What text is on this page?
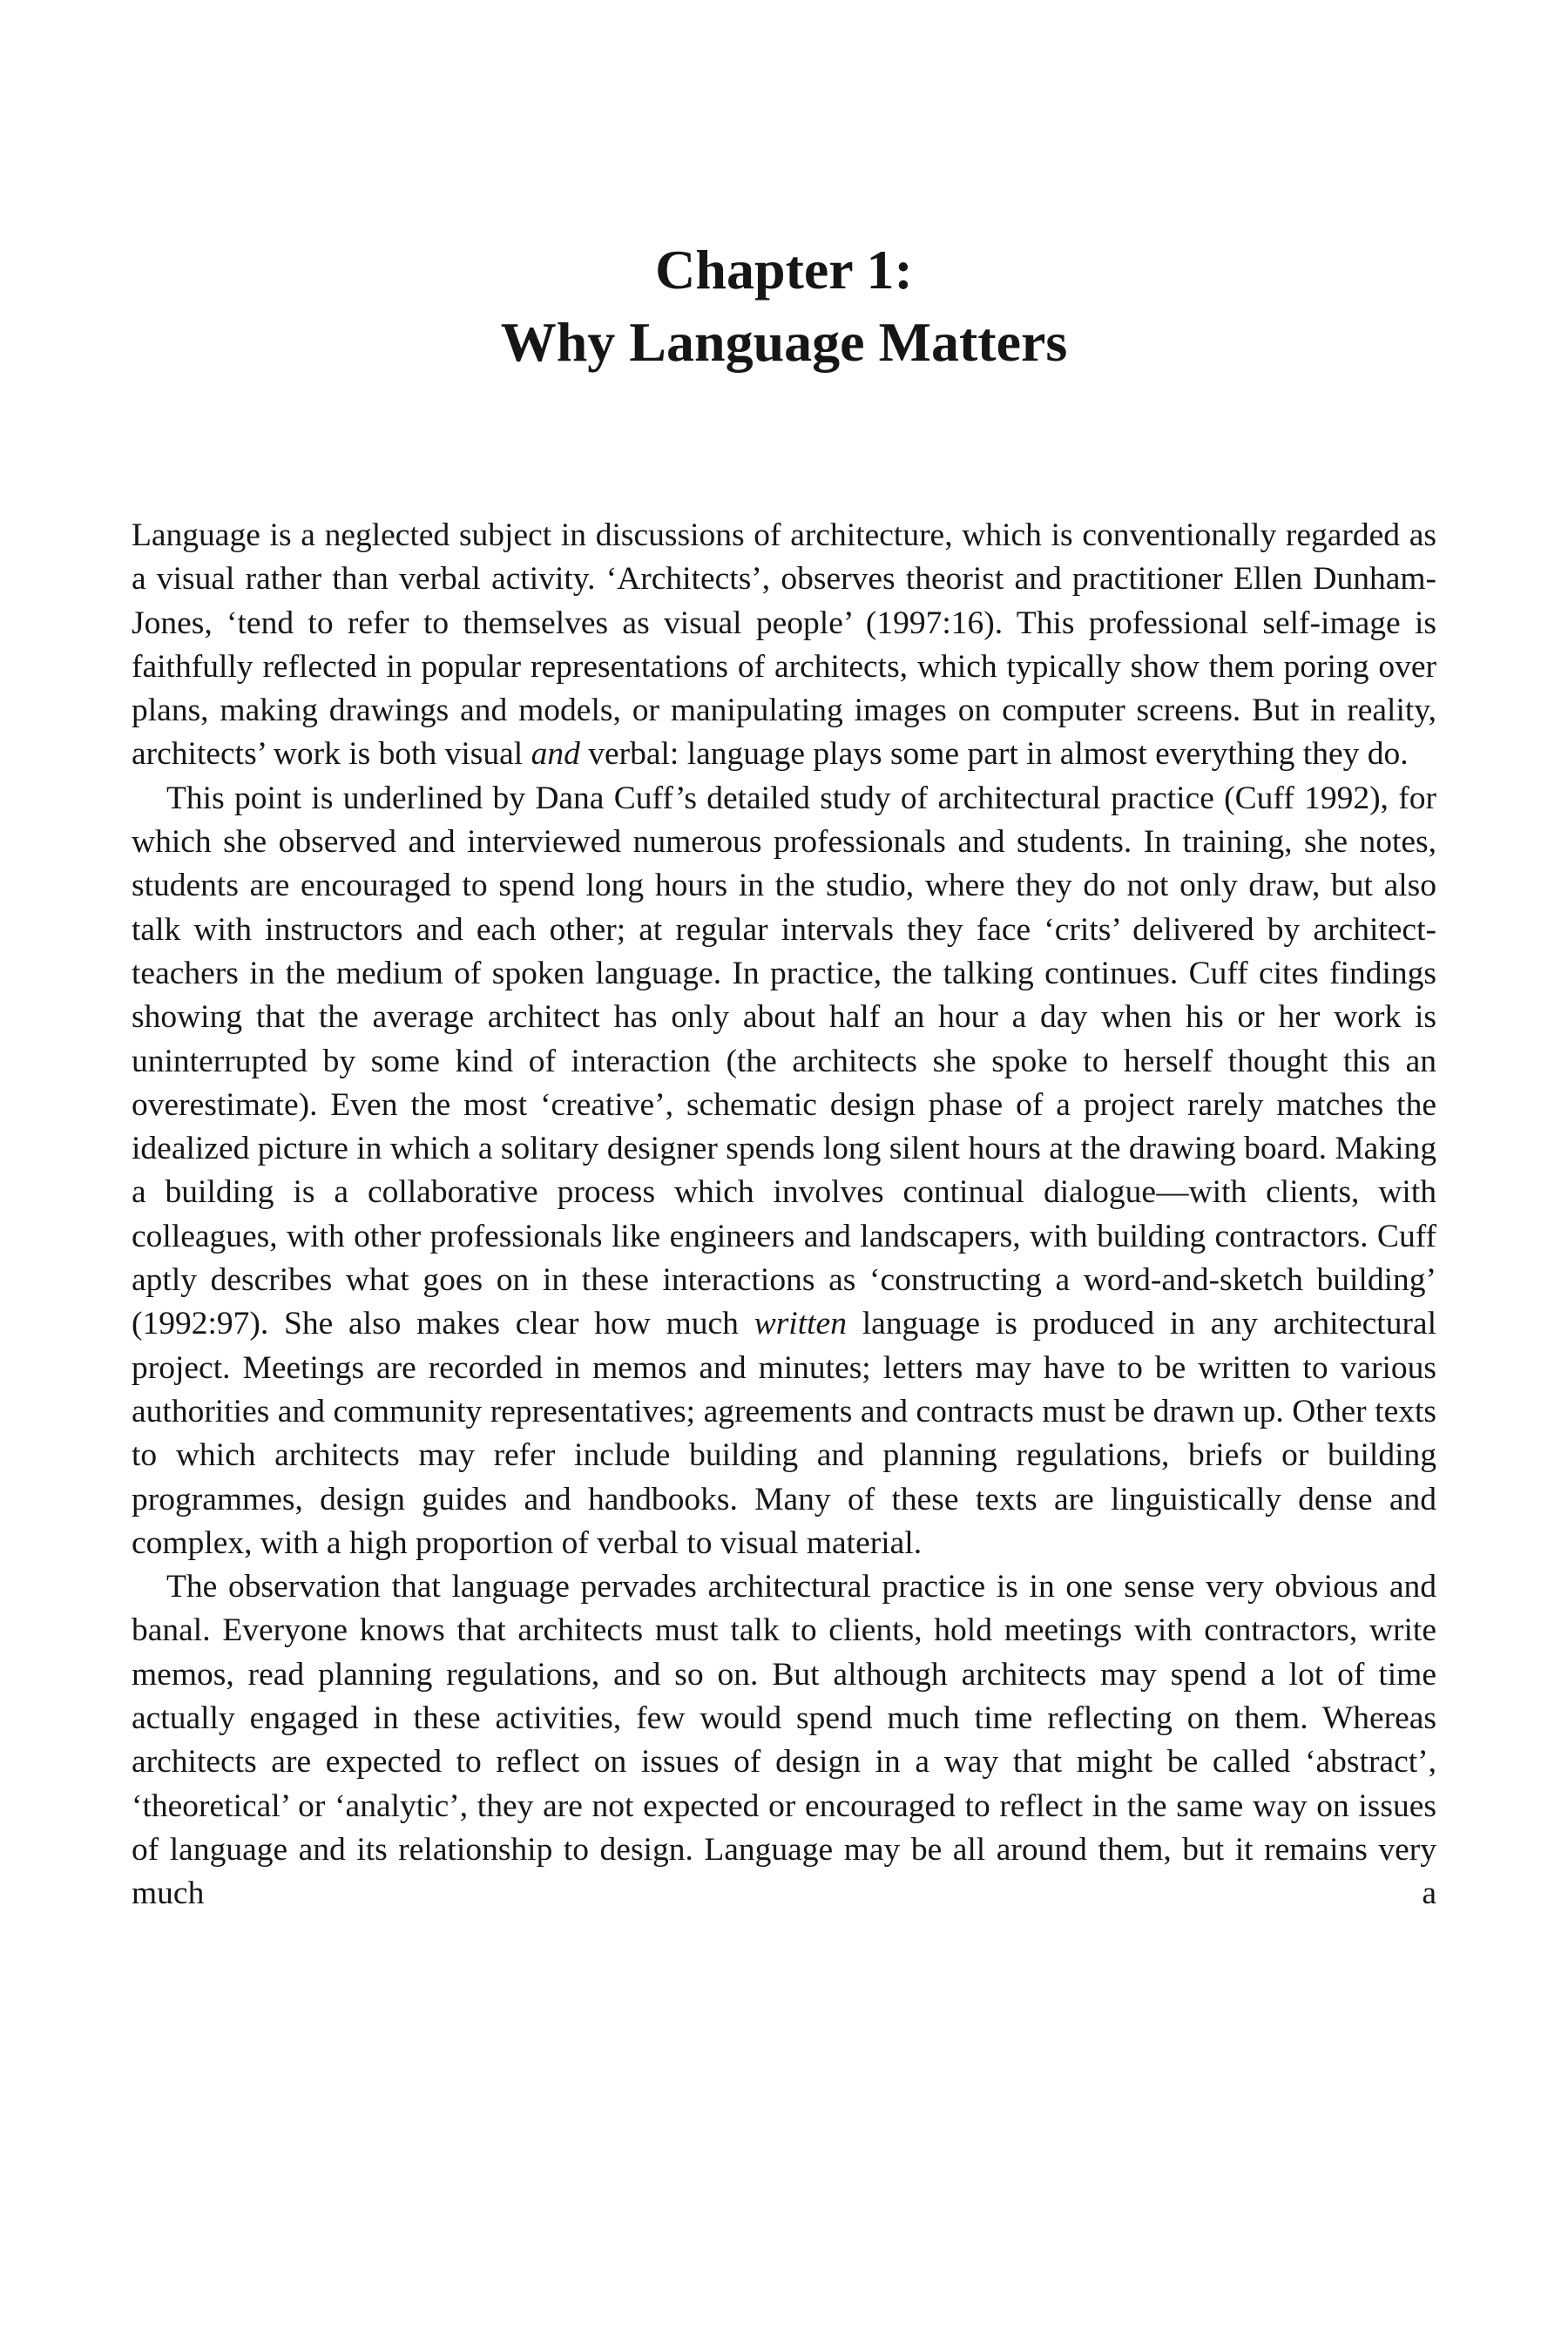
Chapter 1:
Why Language Matters

Language is a neglected subject in discussions of architecture, which is conventionally regarded as a visual rather than verbal activity. ‘Architects’, observes theorist and practitioner Ellen Dunham-Jones, ‘tend to refer to themselves as visual people’ (1997:16). This professional self-image is faithfully reflected in popular representations of architects, which typically show them poring over plans, making drawings and models, or manipulating images on computer screens. But in reality, architects’ work is both visual and verbal: language plays some part in almost everything they do.

This point is underlined by Dana Cuff’s detailed study of architectural practice (Cuff 1992), for which she observed and interviewed numerous professionals and students. In training, she notes, students are encouraged to spend long hours in the studio, where they do not only draw, but also talk with instructors and each other; at regular intervals they face ‘crits’ delivered by architect-teachers in the medium of spoken language. In practice, the talking continues. Cuff cites findings showing that the average architect has only about half an hour a day when his or her work is uninterrupted by some kind of interaction (the architects she spoke to herself thought this an overestimate). Even the most ‘creative’, schematic design phase of a project rarely matches the idealized picture in which a solitary designer spends long silent hours at the drawing board. Making a building is a collaborative process which involves continual dialogue—with clients, with colleagues, with other professionals like engineers and landscapers, with building contractors. Cuff aptly describes what goes on in these interactions as ‘constructing a word-and-sketch building’ (1992:97). She also makes clear how much written language is produced in any architectural project. Meetings are recorded in memos and minutes; letters may have to be written to various authorities and community representatives; agreements and contracts must be drawn up. Other texts to which architects may refer include building and planning regulations, briefs or building programmes, design guides and handbooks. Many of these texts are linguistically dense and complex, with a high proportion of verbal to visual material.

The observation that language pervades architectural practice is in one sense very obvious and banal. Everyone knows that architects must talk to clients, hold meetings with contractors, write memos, read planning regulations, and so on. But although architects may spend a lot of time actually engaged in these activities, few would spend much time reflecting on them. Whereas architects are expected to reflect on issues of design in a way that might be called ‘abstract’, ‘theoretical’ or ‘analytic’, they are not expected or encouraged to reflect in the same way on issues of language and its relationship to design. Language may be all around them, but it remains very much a
